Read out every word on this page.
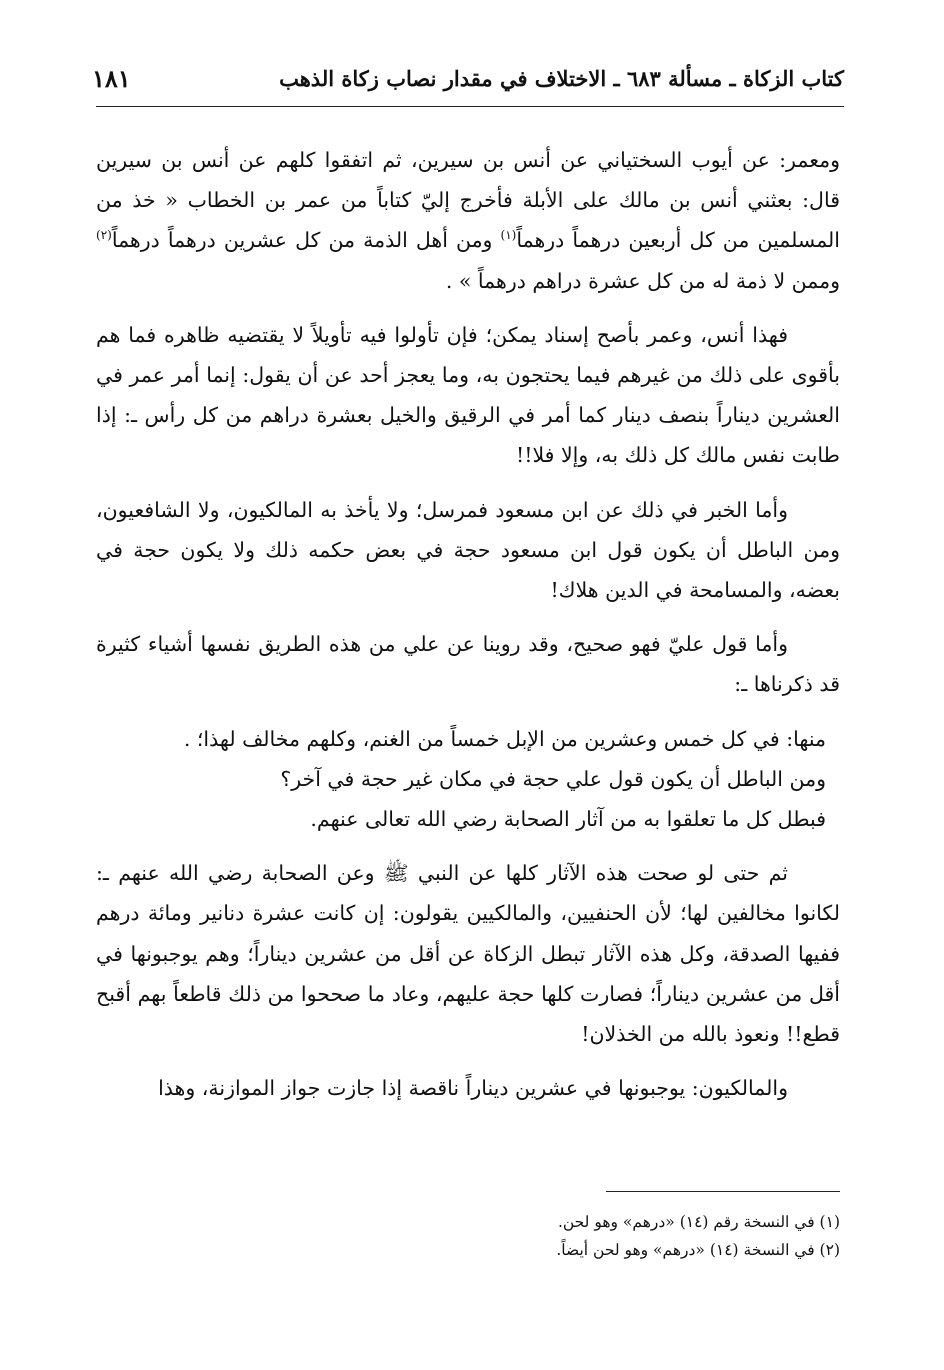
كتاب الزكاة ـ مسألة ٦٨٣ ـ الاختلاف في مقدار نصاب زكاة الذهب
١٨١

ومعمر: عن أيوب السختياني عن أنس بن سيرين، ثم اتفقوا كلهم عن أنس بن سيرين قال: بعثني أنس بن مالك على الأبلة فأخرج إليّ كتاباً من عمر بن الخطاب « خذ من المسلمين من كل أربعين درهماً درهماً$^{(١)}$ ومن أهل الذمة من كل عشرين درهماً درهماً$^{(٢)}$ وممن لا ذمة له من كل عشرة دراهم درهماً » .

فهذا أنس، وعمر بأصح إسناد يمكن؛ فإن تأولوا فيه تأويلاً لا يقتضيه ظاهره فما هم بأقوى على ذلك من غيرهم فيما يحتجون به، وما يعجز أحد عن أن يقول: إنما أمر عمر في العشرين ديناراً بنصف دينار كما أمر في الرقيق والخيل بعشرة دراهم من كل رأس ـ: إذا طابت نفس مالك كل ذلك به، وإلا فلا!!

وأما الخبر في ذلك عن ابن مسعود فمرسل؛ ولا يأخذ به المالكيون، ولا الشافعيون، ومن الباطل أن يكون قول ابن مسعود حجة في بعض حكمه ذلك ولا يكون حجة في بعضه، والمسامحة في الدين هلاك!

وأما قول عليّ فهو صحيح، وقد روينا عن علي من هذه الطريق نفسها أشياء كثيرة قد ذكرناها ـ:

منها: في كل خمس وعشرين من الإبل خمساً من الغنم، وكلهم مخالف لهذا؛ .
ومن الباطل أن يكون قول علي حجة في مكان غير حجة في آخر؟
فبطل كل ما تعلقوا به من آثار الصحابة رضي الله تعالى عنهم.

ثم حتى لو صحت هذه الآثار كلها عن النبي ﷺ وعن الصحابة رضي الله عنهم ـ: لكانوا مخالفين لها؛ لأن الحنفيين، والمالكيين يقولون: إن كانت عشرة دنانير ومائة درهم ففيها الصدقة، وكل هذه الآثار تبطل الزكاة عن أقل من عشرين ديناراً؛ وهم يوجبونها في أقل من عشرين ديناراً؛ فصارت كلها حجة عليهم، وعاد ما صححوا من ذلك قاطعاً بهم أقبح قطع!! ونعوذ بالله من الخذلان!

والمالكيون: يوجبونها في عشرين ديناراً ناقصة إذا جازت جواز الموازنة، وهذا

(١) في النسخة رقم (١٤) «درهم» وهو لحن.
(٢) في النسخة (١٤) «درهم» وهو لحن أيضاً.
